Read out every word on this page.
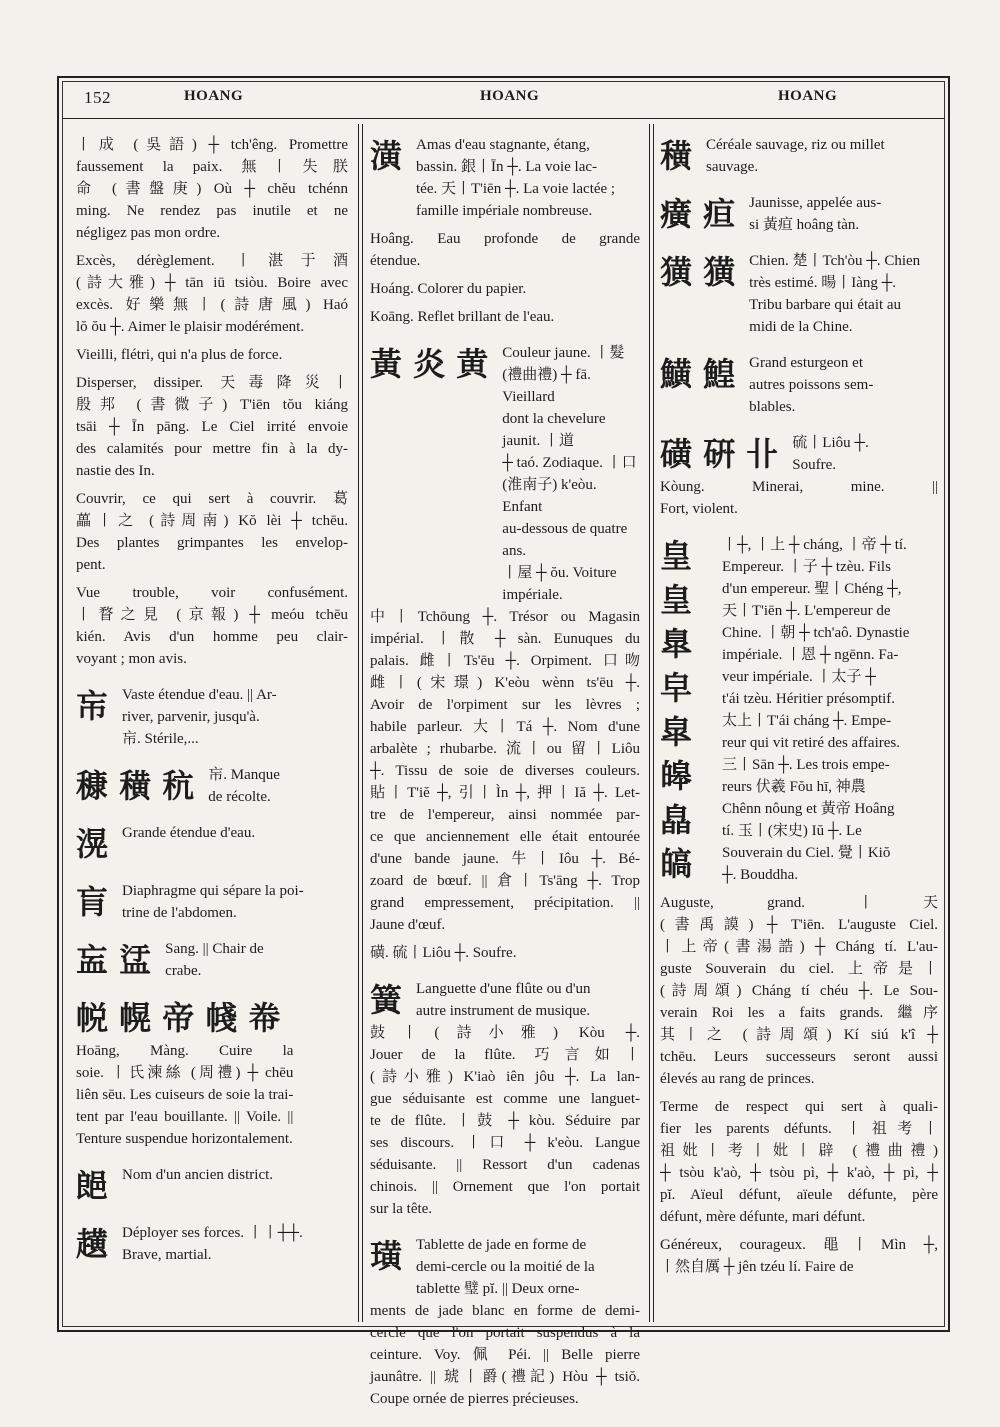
152	HOANG	HOANG	HOANG
丨成 (吳語) ┼ tch'êng. Promettre
faussement la paix. 無丨失朕
命 (書盤庚) Où ┼ chĕu tchénn
ming. Ne rendez pas inutile et ne
négligez pas mon ordre.
Excès, dérèglement. 丨湛于酒
(詩大雅) ┼ tān iū tsiòu. Boire avec
excès. 好樂無丨(詩唐風) Haó
lŏ ŏu ┼. Aimer le plaisir modérément.
Vieilli, flétri, qui n'a plus de force.
Disperser, dissiper. 天毒降災丨
殷邦 (書微子) T'iēn tŏu kiáng
tsāi ┼ Īn pāng. Le Ciel irrité envoie
des calamités pour mettre fin à la dy-
nastie des In.
Couvrir, ce qui sert à couvrir. 葛
藟丨之 (詩周南) Kŏ lèi ┼ tchēu.
Des plantes grimpantes les envelop-
pent.
Vue trouble, voir confusément.
丨瞀之見 (京報) ┼ meóu tchēu
kién. Avis d'un homme peu clair-
voyant ; mon avis.
㠵 Vaste étendue d'eau. || Ar-
river, parvenir, jusqu'à.
㠵. Stérile,...
穅 穔 秔 㠵. Manque
de récolte.
滉 Grande étendue d'eau.
肓 Diaphragme qui sépare la poi-
trine de l'abdomen.
衁 盓 Sang. || Chair de
crabe.
帨 幌 帝 帴 帣
Hoāng, Màng. Cuire la
soie. 丨氏湅絲 (周禮) ┼ chēu
liên sēu. Les cuiseurs de soie la trai-
tent par l'eau bouillante. || Voile. ||
Tenture suspendue horizontalement.
郒 Nom d'un ancien district.
趪 Déployer ses forces. 丨丨┼┼.
Brave, martial.
潢 Amas d'eau stagnante, étang,
bassin. 銀丨Īn ┼. La voie lac-
tée. 天丨T'iēn ┼. La voie lactée ;
famille impériale nombreuse.
Hoâng. Eau profonde de grande
étendue.
Hoáng. Colorer du papier.
Koāng. Reflet brillant de l'eau.
黃 炎 黄 Couleur jaune. 丨髮
(禮曲禮) ┼ fā. Vieillard
dont la chevelure jaunit. 丨道
┼ taó. Zodiaque. 丨口
(淮南子) k'eòu. Enfant
au-dessous de quatre ans.
丨屋 ┼ ŏu. Voiture impériale.
中丨Tchōung ┼. Trésor ou Magasin
impérial. 丨散 ┼ sàn. Eunuques du
palais. 雌丨Ts'ēu ┼. Orpiment. 口吻
雌丨(宋璟) K'eòu wènn ts'ēu ┼.
Avoir de l'orpiment sur les lèvres ;
habile parleur. 大丨Tá ┼. Nom d'une
arbalète ; rhubarbe. 流丨ou 留丨Liôu
┼. Tissu de soie de diverses couleurs.
貼丨T'iĕ ┼, 引丨Ìn ┼, 押丨Iă ┼. Let-
tre de l'empereur, ainsi nommée par-
ce que anciennement elle était entourée
d'une bande jaune. 牛丨Iôu ┼. Bé-
zoard de bœuf. || 倉丨Ts'āng ┼. Trop
grand empressement, précipitation. ||
Jaune d'œuf.
磺. 硫丨Liôu ┼. Soufre.
簧 Languette d'une flûte ou d'un
autre instrument de musique.
鼓丨(詩小雅) Kòu ┼.
Jouer de la flûte. 巧言如丨
(詩小雅) K'iaò iên jôu ┼. La lan-
gue séduisante est comme une languet-
te de flûte. 丨鼓 ┼ kòu. Séduire par
ses discours. 丨口 ┼ k'eòu. Langue
séduisante. || Ressort d'un cadenas
chinois. || Ornement que l'on portait
sur la tête.
璜 Tablette de jade en forme de
demi-cercle ou la moitié de la
tablette 璧 pĭ. || Deux orne-
ments de jade blanc en forme de demi-
cercle que l'on portait suspendus à la
ceinture. Voy. 佩 Péi. || Belle pierre
jaunâtre. || 琥丨爵(禮記) Hòu ┼ tsiŏ.
Coupe ornée de pierres précieuses.
穔 Céréale sauvage, riz ou millet
sauvage.
癀 疸 Jaunisse, appelée aus-
si 黃疸 hoâng tàn.
獚 獚 Chien. 楚丨Tch'òu ┼. Chien
très estimé. 暘丨Iàng ┼.
Tribu barbare qui était au
midi de la Chine.
鱑 鰉 Grand esturgeon et
autres poissons sem-
blables.
磺 硏 卝 硫丨Liôu ┼.
Soufre.
Kòung. Minerai, mine. ||
Fort, violent.
皇 皇 臯 皁 皐 皞 皛 皜
丨┼, 丨上 ┼ cháng, 丨帝 ┼ tí.
Empereur. 丨子 ┼ tzèu. Fils
d'un empereur. 聖丨Chéng ┼,
天丨T'iēn ┼. L'empereur de
Chine. 丨朝 ┼ tch'aô. Dynastie
impériale. 丨恩 ┼ ngēnn. Fa-
veur impériale. 丨太子 ┼
t'ái tzèu. Héritier présomptif.
太上丨T'ái cháng ┼. Empe-
reur qui vit retiré des affaires.
三丨Sān ┼. Les trois empe-
reurs 伏羲 Fŏu hī, 神農
Chênn nôung et 黃帝 Hoâng
tí. 玉丨(宋史) Iŭ ┼. Le
Souverain du Ciel. 覺丨Kiŏ
┼. Bouddha.
Auguste, grand. 丨天
(書禹謨) ┼ T'iēn. L'auguste Ciel.
丨上帝(書湯誥) ┼ Cháng tí. L'au-
guste Souverain du ciel. 上帝是丨
(詩周頌) Cháng tí chéu ┼. Le Sou-
verain Roi les a faits grands. 繼序
其丨之 (詩周頌) Kí siú k'î ┼
tchēu. Leurs successeurs seront aussi
élevés au rang de princes.
Terme de respect qui sert à quali-
fier les parents défunts. 丨祖考丨
祖妣丨考丨妣丨辟 (禮曲禮)
┼ tsòu k'aò, ┼ tsòu pì, ┼ k'aò, ┼ pì, ┼
pĭ. Aïeul défunt, aïeule défunte, père
défunt, mère défunte, mari défunt.
Généreux, courageux. 黽丨Mìn ┼,
丨然自厲 ┼ jên tzéu lí. Faire de
